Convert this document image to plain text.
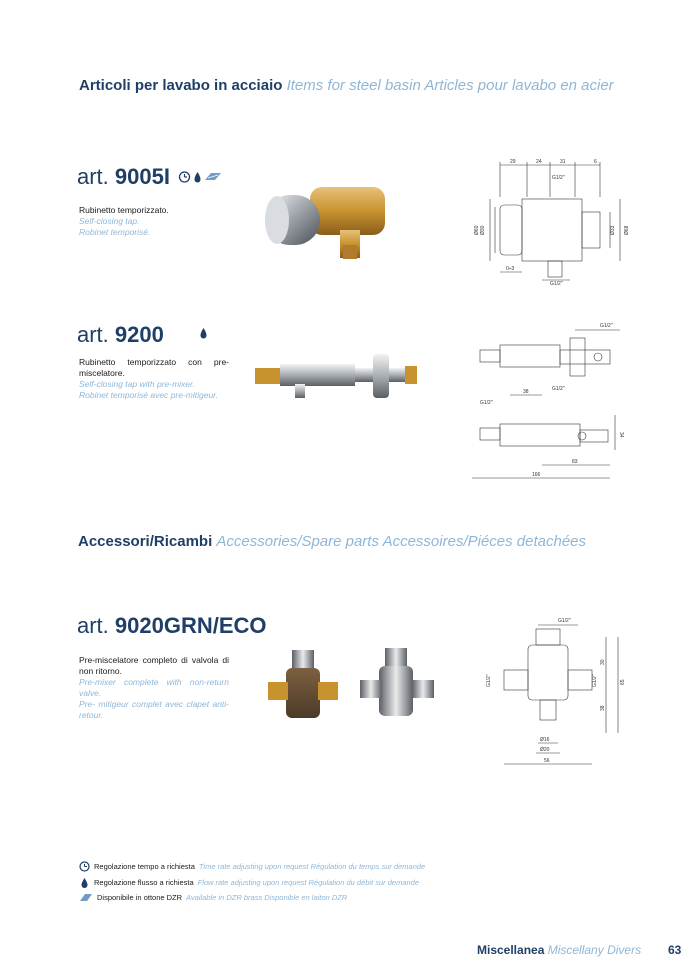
Articoli per lavabo in acciaio Items for steel basin Articles pour lavabo en acier
art. 9005I
Rubinetto temporizzato.
Self-closing tap.
Robinet temporisé.
29	24	31	6
G1/2"
Ø60 Ø30	Ø33 Ø68
0÷3
G1/2"
art. 9200
Rubinetto temporizzato con pre-miscelatore.
Self-closing tap with pre-mixer.
Robinet temporisé avec pre-mitigeur.
G1/2"
G1/2"
38
G1/2"
34
83
166
Accessori/Ricambi Accessories/Spare parts Accessoires/Piéces detachées
art. 9020GRN/ECO
Pre-miscelatore completo di valvola di non ritorno.
Pre-mixer complete with non-return valve.
Pre- mitigeur complet avec clapet anti-retour.
G1/2"
G1/2"	G1/2"
30
65
38
Ø16
Ø20
56
Regolazione tempo a richiesta Time rate adjusting upon request Régulation du temps sur demande
Regolazione flusso a richiesta Flow rate adjusting upon request Régulation du débit sur demande
Disponibile in ottone DZR Available in DZR brass Disponible en laiton DZR
Miscellanea Miscellany Divers 63
